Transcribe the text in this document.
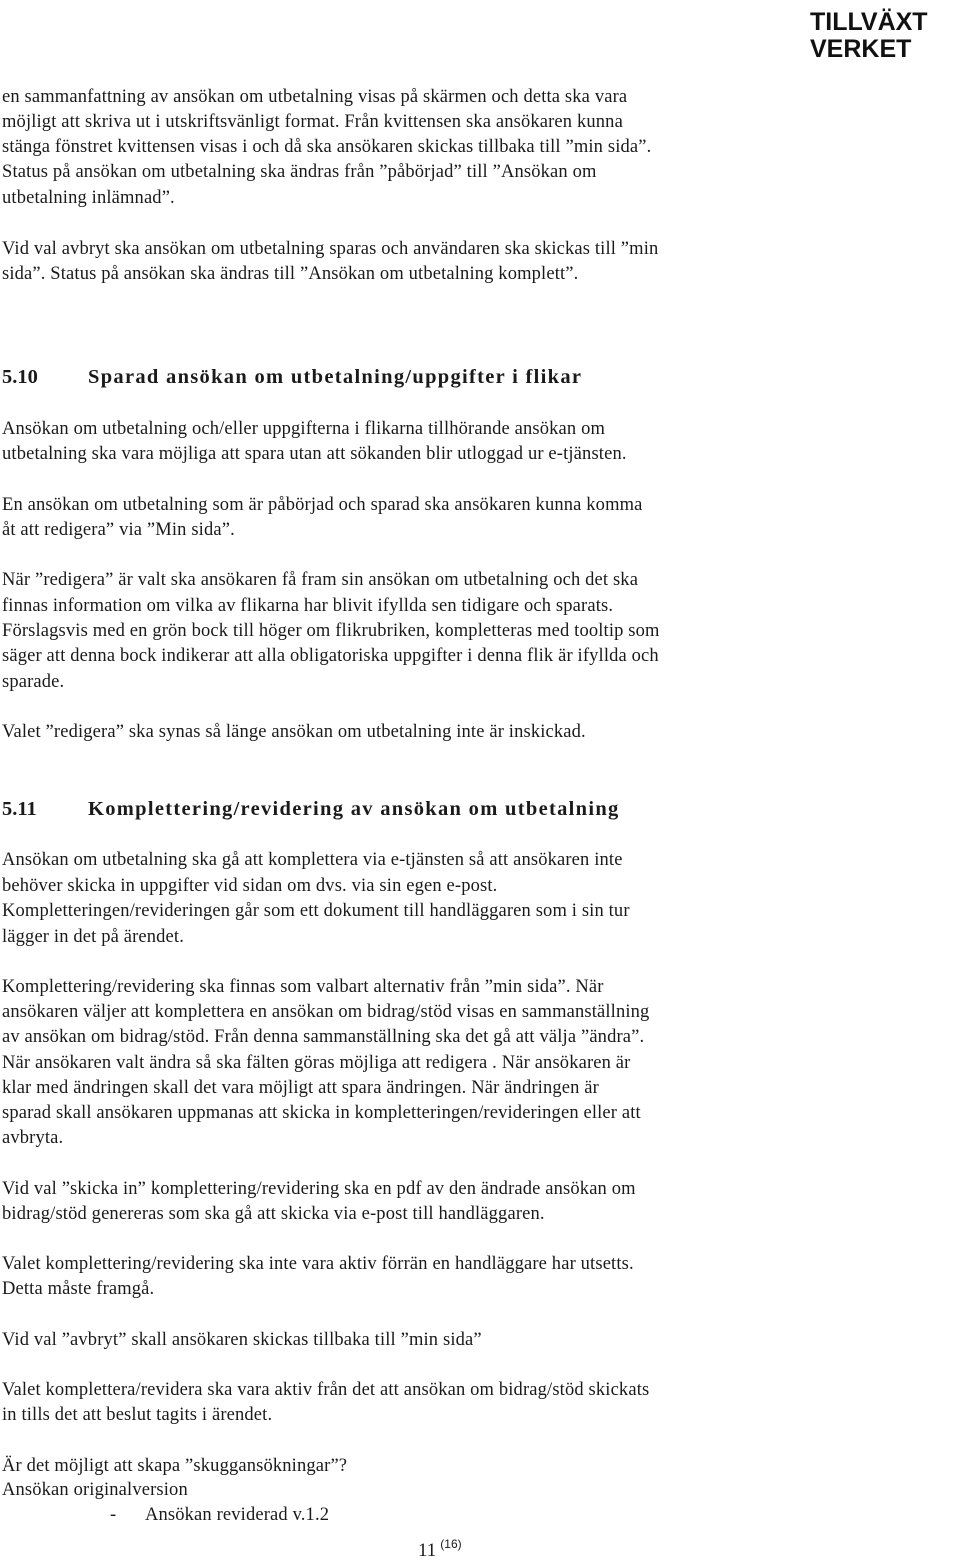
TILLVÄXT
VERKET
en sammanfattning av ansökan om utbetalning visas på skärmen och detta ska vara
möjligt att skriva ut i utskriftsvänligt format. Från kvittensen ska ansökaren kunna
stänga fönstret kvittensen visas i och då ska ansökaren skickas tillbaka till ”min sida”.
Status på ansökan om utbetalning ska ändras från ”påbörjad” till ”Ansökan om
utbetalning inlämnad”.
Vid val avbryt ska ansökan om utbetalning sparas och användaren ska skickas till ”min
sida”. Status på ansökan ska ändras till ”Ansökan om utbetalning komplett”.
5.10 Sparad ansökan om utbetalning/uppgifter i flikar
Ansökan om utbetalning och/eller uppgifterna i flikarna tillhörande ansökan om
utbetalning ska vara möjliga att spara utan att sökanden blir utloggad ur e-tjänsten.
En ansökan om utbetalning som är påbörjad och sparad ska ansökaren kunna komma
åt att redigera” via ”Min sida”.
När ”redigera” är valt ska ansökaren få fram sin ansökan om utbetalning och det ska
finnas information om vilka av flikarna har blivit ifyllda sen tidigare och sparats.
Förslagsvis med en grön bock till höger om flikrubriken, kompletteras med tooltip som
säger att denna bock indikerar att alla obligatoriska uppgifter i denna flik är ifyllda och
sparade.
Valet ”redigera” ska synas så länge ansökan om utbetalning inte är inskickad.
5.11	Komplettering/revidering av ansökan om utbetalning
Ansökan om utbetalning ska gå att komplettera via e-tjänsten så att ansökaren inte
behöver skicka in uppgifter vid sidan om dvs. via sin egen e-post.
Kompletteringen/revideringen går som ett dokument till handläggaren som i sin tur
lägger in det på ärendet.
Komplettering/revidering ska finnas som valbart alternativ från ”min sida”. När
ansökaren väljer att komplettera en ansökan om bidrag/stöd visas en sammanställning
av ansökan om bidrag/stöd. Från denna sammanställning ska det gå att välja ”ändra”.
När ansökaren valt ändra så ska fälten göras möjliga att redigera . När ansökaren är
klar med ändringen skall det vara möjligt att spara ändringen. När ändringen är
sparad skall ansökaren uppmanas att skicka in kompletteringen/revideringen eller att
avbryta.
Vid val ”skicka in” komplettering/revidering ska en pdf av den ändrade ansökan om
bidrag/stöd genereras som ska gå att skicka via e-post till handläggaren.
Valet komplettering/revidering ska inte vara aktiv förrän en handläggare har utsetts.
Detta måste framgå.
Vid val ”avbryt” skall ansökaren skickas tillbaka till ”min sida”
Valet komplettera/revidera ska vara aktiv från det att ansökan om bidrag/stöd skickats
in tills det att beslut tagits i ärendet.
Är det möjligt att skapa ”skuggansökningar”?
Ansökan originalversion
- Ansökan reviderad v.1.2
11 $^{(16)}$
